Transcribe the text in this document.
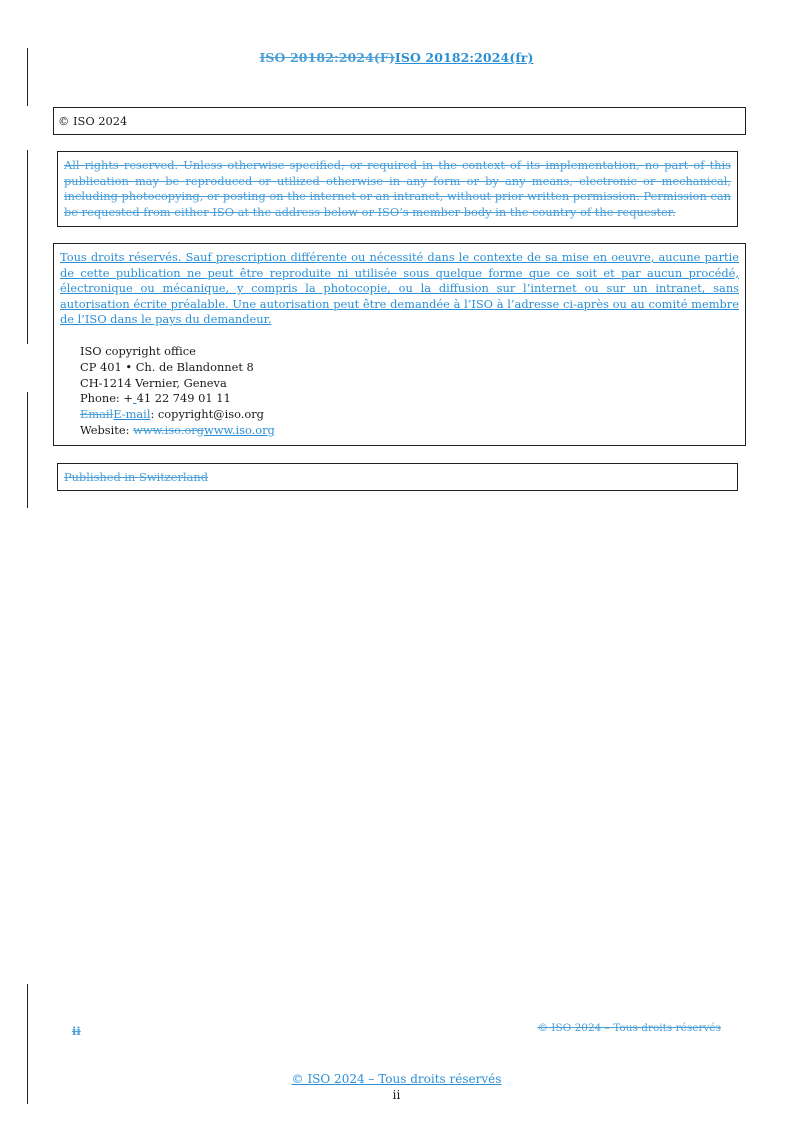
ISO 20182:2024(F)ISO 20182:2024(fr)
© ISO 2024
All rights reserved. Unless otherwise specified, or required in the context of its implementation, no part of this publication may be reproduced or utilized otherwise in any form or by any means, electronic or mechanical, including photocopying, or posting on the internet or an intranet, without prior written permission. Permission can be requested from either ISO at the address below or ISO’s member body in the country of the requester.
Tous droits réservés. Sauf prescription différente ou nécessité dans le contexte de sa mise en oeuvre, aucune partie de cette publication ne peut être reproduite ni utilisée sous quelque forme que ce soit et par aucun procédé, électronique ou mécanique, y compris la photocopie, ou la diffusion sur l’internet ou sur un intranet, sans autorisation écrite préalable. Une autorisation peut être demandée à l’ISO à l’adresse ci-après ou au comité membre de l’ISO dans le pays du demandeur.
ISO copyright office
CP 401 • Ch. de Blandonnet 8
CH-1214 Vernier, Geneva
Phone: + 41 22 749 01 11
EmailE-mail: copyright@iso.org
Website: www.iso.orgwww.iso.org
Published in Switzerland
ii	© ISO 2024 – Tous droits réservés
© ISO 2024 – Tous droits réservés
ii
